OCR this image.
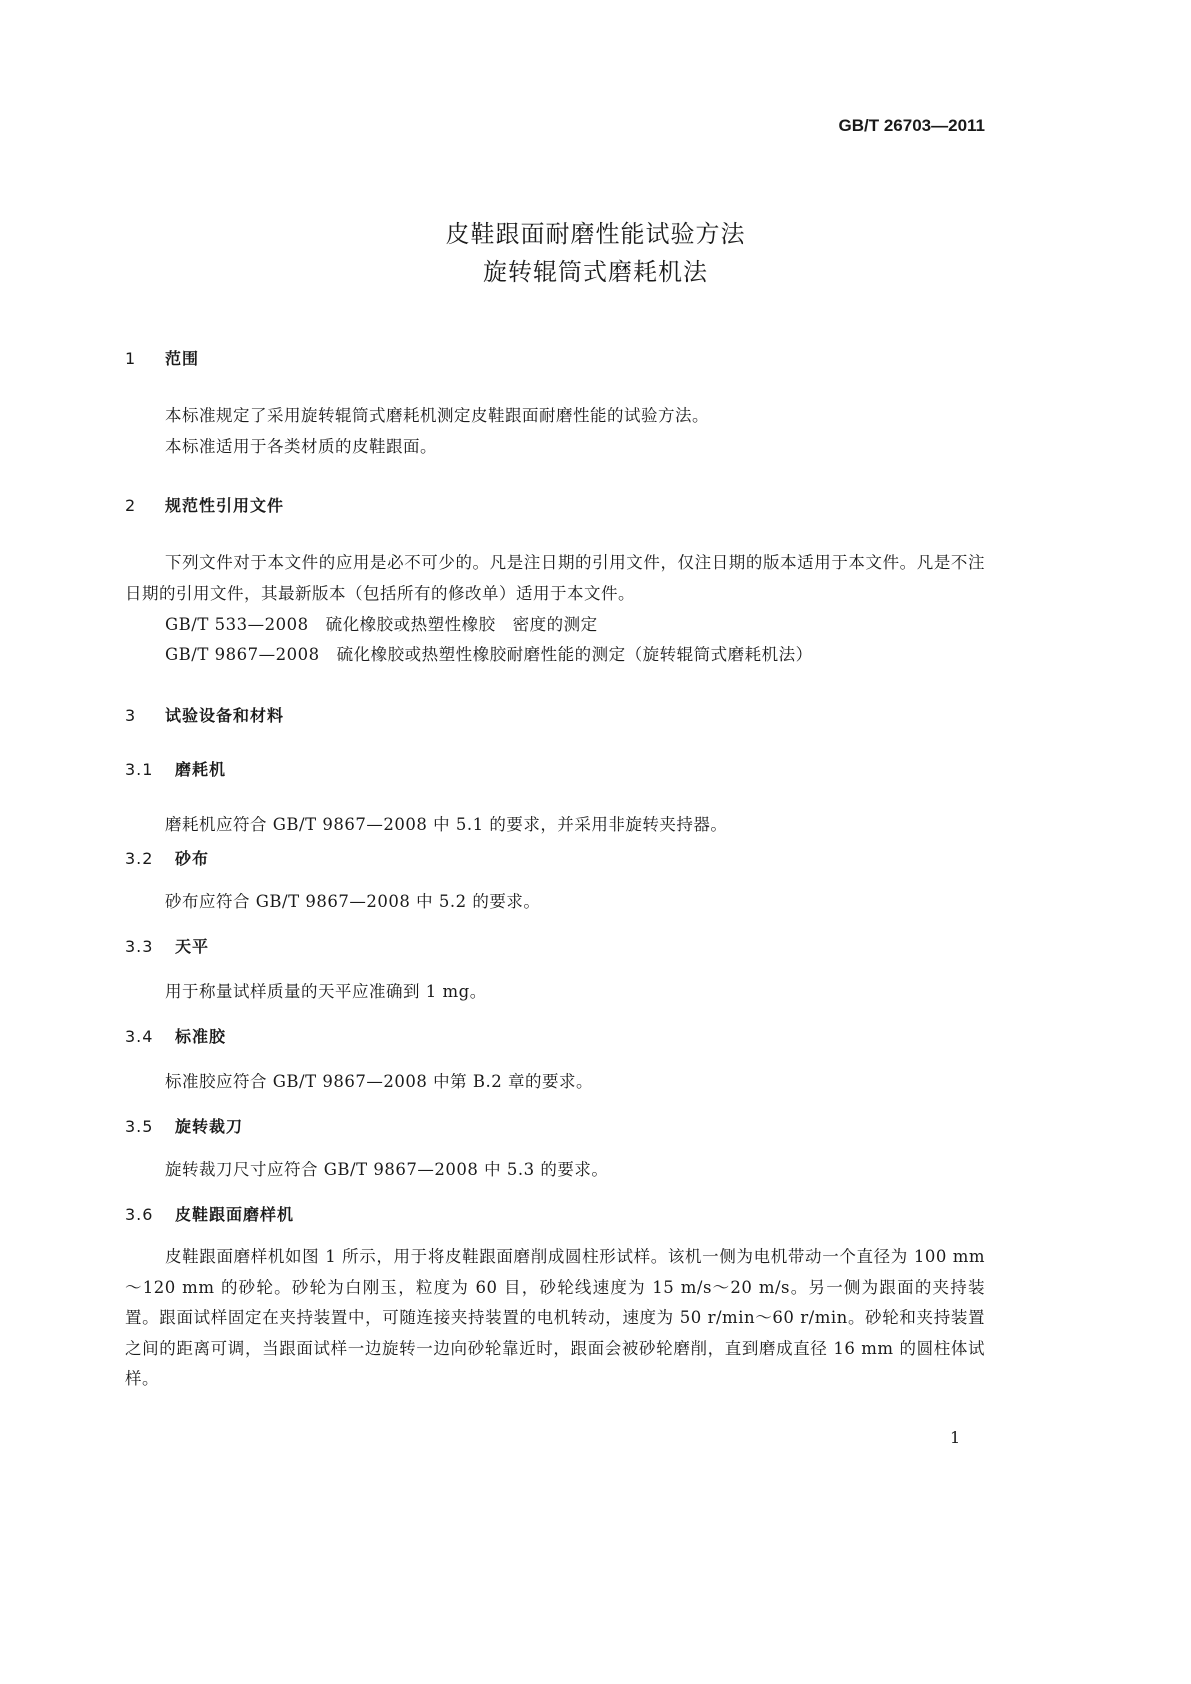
GB/T 26703—2011
皮鞋跟面耐磨性能试验方法
旋转辊筒式磨耗机法
1 范围
本标准规定了采用旋转辊筒式磨耗机测定皮鞋跟面耐磨性能的试验方法。
本标准适用于各类材质的皮鞋跟面。
2 规范性引用文件
下列文件对于本文件的应用是必不可少的。凡是注日期的引用文件，仅注日期的版本适用于本文件。凡是不注日期的引用文件，其最新版本（包括所有的修改单）适用于本文件。
GB/T 533—2008　硫化橡胶或热塑性橡胶　密度的测定
GB/T 9867—2008　硫化橡胶或热塑性橡胶耐磨性能的测定（旋转辊筒式磨耗机法）
3 试验设备和材料
3.1 磨耗机
磨耗机应符合 GB/T 9867—2008 中 5.1 的要求，并采用非旋转夹持器。
3.2 砂布
砂布应符合 GB/T 9867—2008 中 5.2 的要求。
3.3 天平
用于称量试样质量的天平应准确到 1 mg。
3.4 标准胶
标准胶应符合 GB/T 9867—2008 中第 B.2 章的要求。
3.5 旋转裁刀
旋转裁刀尺寸应符合 GB/T 9867—2008 中 5.3 的要求。
3.6 皮鞋跟面磨样机
皮鞋跟面磨样机如图 1 所示，用于将皮鞋跟面磨削成圆柱形试样。该机一侧为电机带动一个直径为 100 mm～120 mm 的砂轮。砂轮为白刚玉，粒度为 60 目，砂轮线速度为 15 m/s～20 m/s。另一侧为跟面的夹持装置。跟面试样固定在夹持装置中，可随连接夹持装置的电机转动，速度为 50 r/min～60 r/min。砂轮和夹持装置之间的距离可调，当跟面试样一边旋转一边向砂轮靠近时，跟面会被砂轮磨削，直到磨成直径 16 mm 的圆柱体试样。
1
